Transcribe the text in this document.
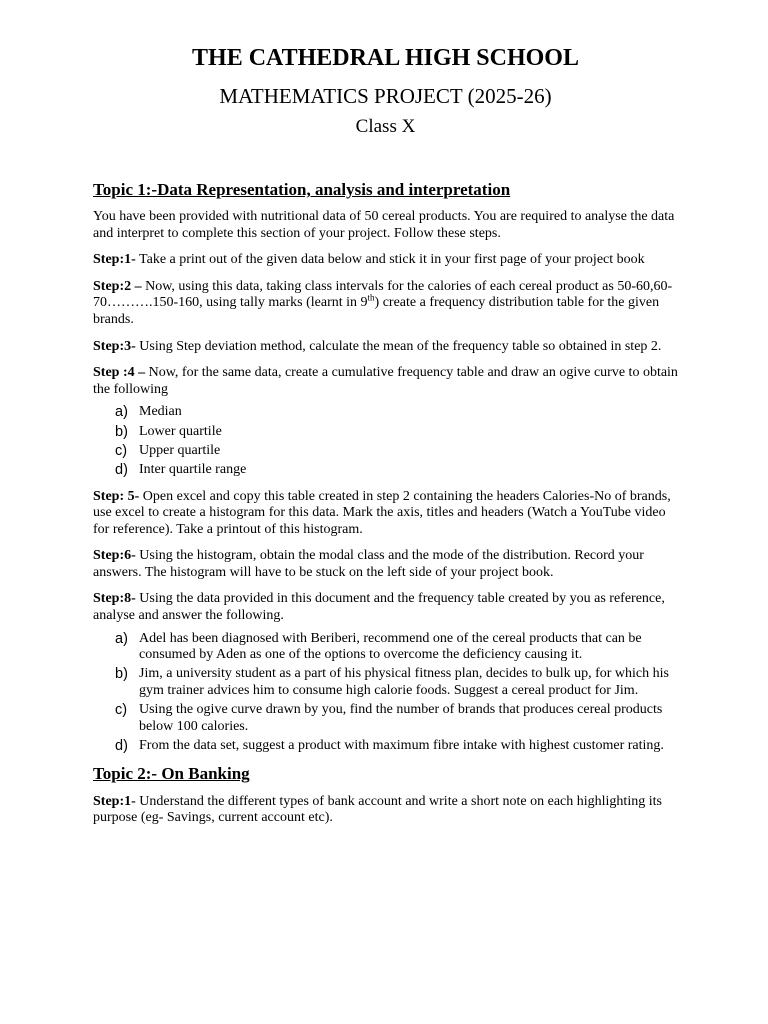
THE CATHEDRAL HIGH SCHOOL
MATHEMATICS PROJECT (2025-26)
Class X
Topic 1:-Data Representation, analysis and interpretation

You have been provided with nutritional data of 50 cereal products. You are required to analyse the data and interpret to complete this section of your project. Follow these steps.

Step:1- Take a print out of the given data below and stick it in your first page of your project book

Step:2 – Now, using this data, taking class intervals for the calories of each cereal product as 50-60,60-70……….150-160, using tally marks (learnt in 9th) create a frequency distribution table for the given brands.

Step:3- Using Step deviation method, calculate the mean of the frequency table so obtained in step 2.

Step :4 – Now, for the same data, create a cumulative frequency table and draw an ogive curve to obtain the following

a) Median
b) Lower quartile
c) Upper quartile
d) Inter quartile range

Step: 5- Open excel and copy this table created in step 2 containing the headers Calories-No of brands, use excel to create a histogram for this data. Mark the axis, titles and headers (Watch a YouTube video for reference). Take a printout of this histogram.

Step:6- Using the histogram, obtain the modal class and the mode of the distribution. Record your answers. The histogram will have to be stuck on the left side of your project book.

Step:8- Using the data provided in this document and the frequency table created by you as reference, analyse and answer the following.

a) Adel has been diagnosed with Beriberi, recommend one of the cereal products that can be consumed by Aden as one of the options to overcome the deficiency causing it.
b) Jim, a university student as a part of his physical fitness plan, decides to bulk up, for which his gym trainer advices him to consume high calorie foods. Suggest a cereal product for Jim.
c) Using the ogive curve drawn by you, find the number of brands that produces cereal products below 100 calories.
d) From the data set, suggest a product with maximum fibre intake with highest customer rating.
Topic 2:- On Banking

Step:1- Understand the different types of bank account and write a short note on each highlighting its purpose (eg- Savings, current account etc).
